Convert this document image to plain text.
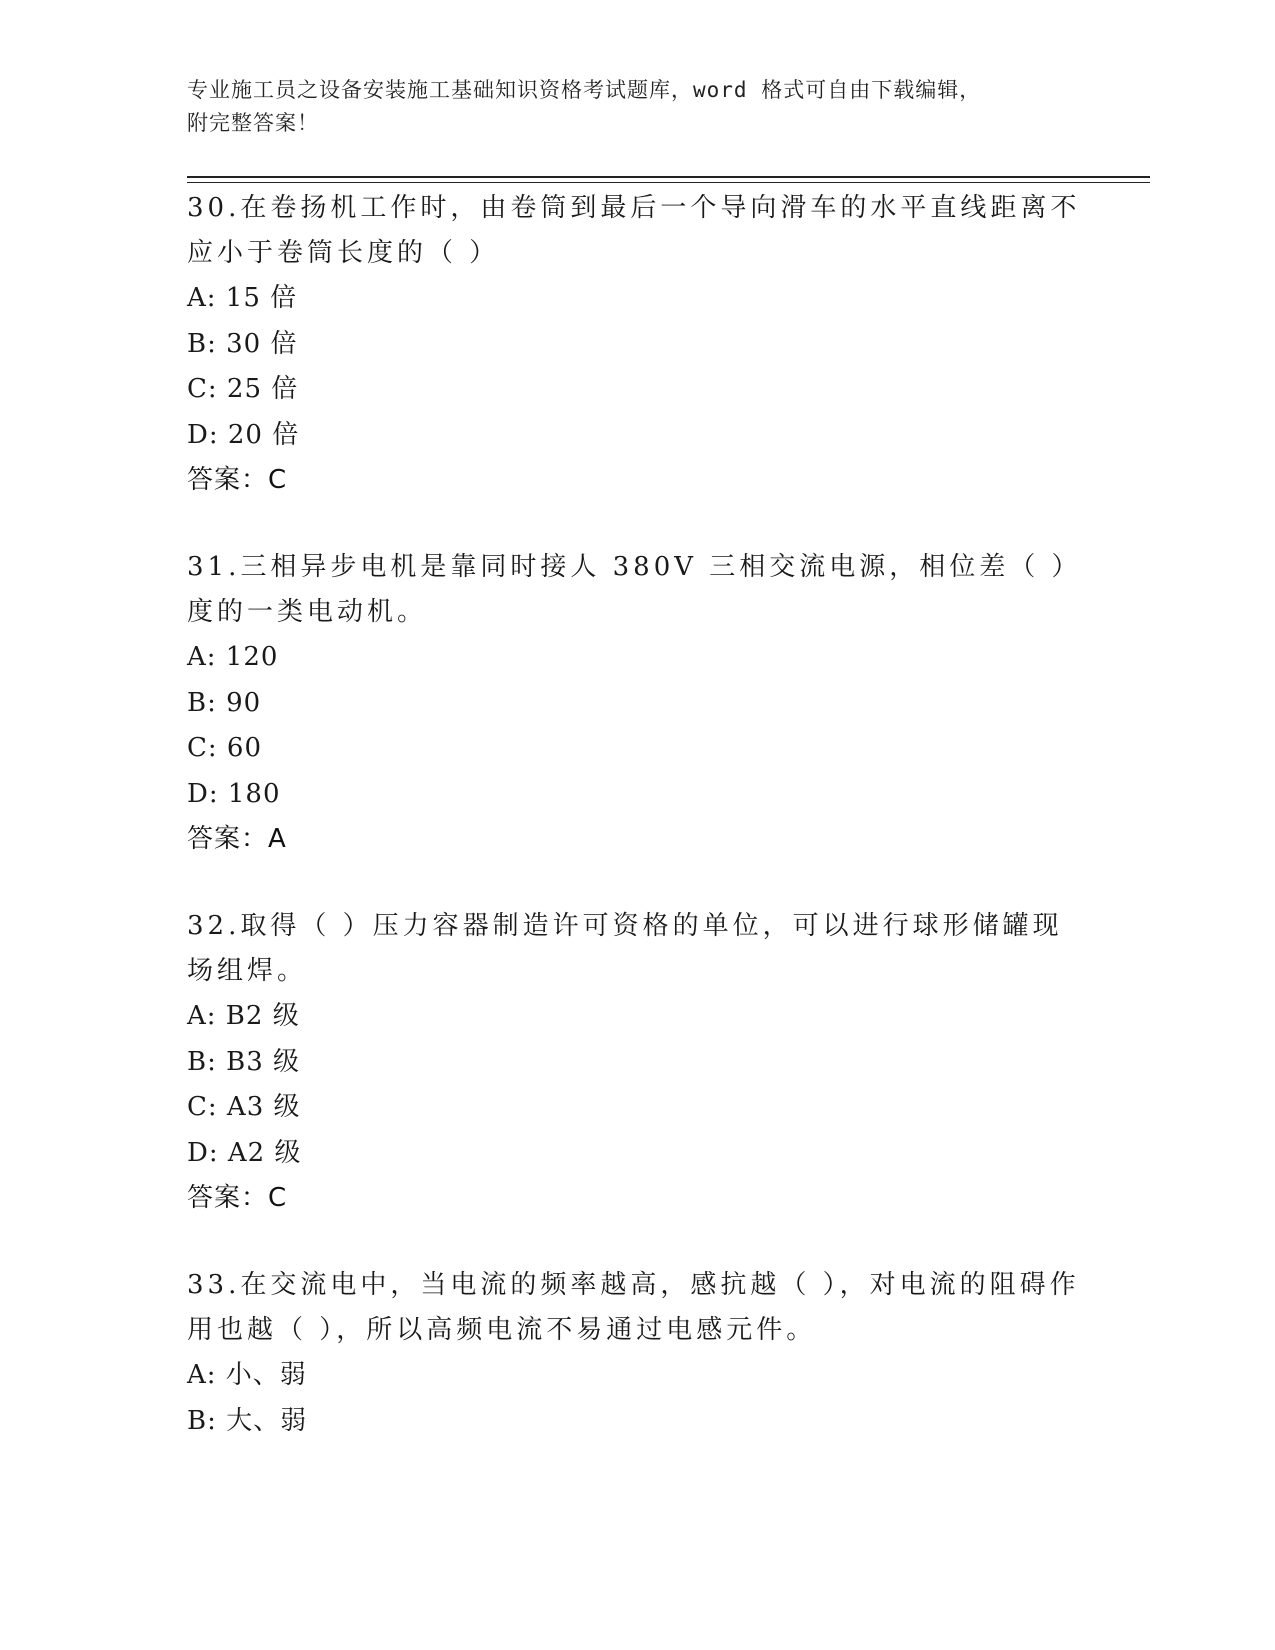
专业施工员之设备安装施工基础知识资格考试题库，word 格式可自由下载编辑，
附完整答案！

30.在卷扬机工作时，由卷筒到最后一个导向滑车的水平直线距离不应小于卷筒长度的（ ）

A: 15 倍

B: 30 倍

C: 25 倍

D: 20 倍

答案：C

31.三相异步电机是靠同时接人 380V 三相交流电源，相位差（ ）度的一类电动机。

A: 120

B: 90

C: 60

D: 180

答案：A

32.取得（ ）压力容器制造许可资格的单位，可以进行球形储罐现场组焊。

A: B2 级

B: B3 级

C: A3 级

D: A2 级

答案：C

33.在交流电中，当电流的频率越高，感抗越（ ），对电流的阻碍作用也越（ ），所以高频电流不易通过电感元件。

A: 小、弱

B: 大、弱
